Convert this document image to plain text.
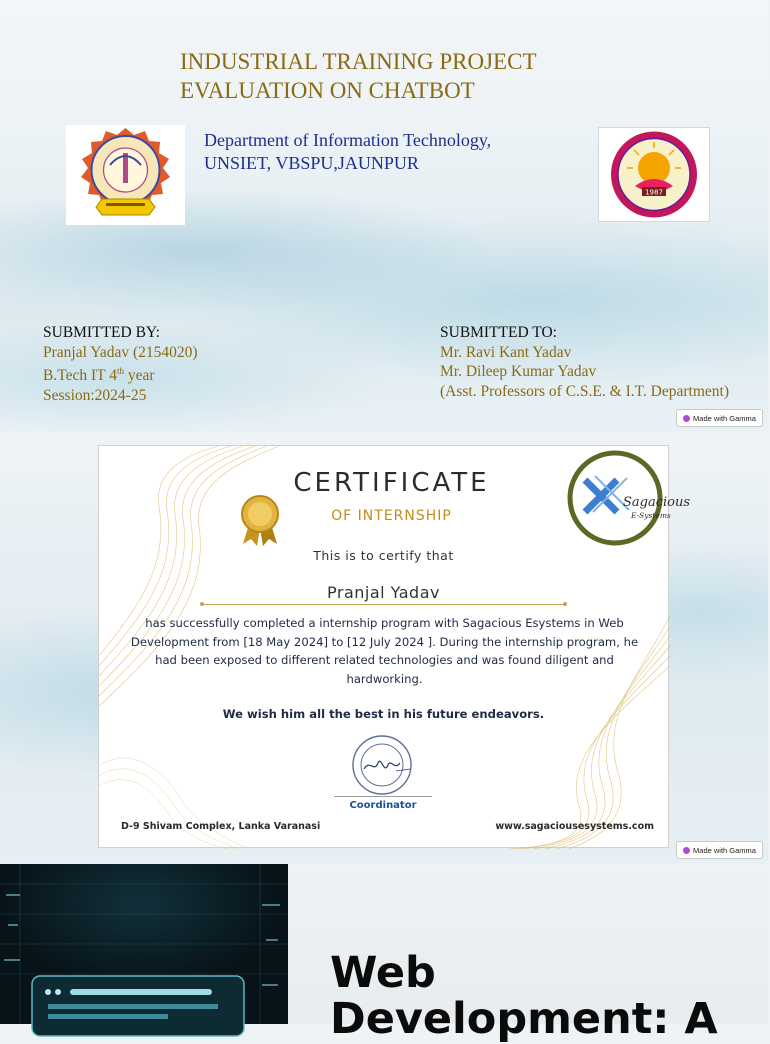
INDUSTRIAL TRAINING PROJECT
EVALUATION ON CHATBOT
Department of Information Technology,
UNSIET, VBSPU,JAUNPUR
1987
SUBMITTED BY:
Pranjal Yadav (2154020)
B.Tech IT 4th year
Session:2024-25
SUBMITTED TO:
Mr. Ravi Kant Yadav
Mr. Dileep Kumar Yadav
(Asst. Professors of C.S.E. & I.T. Department)
Made with Gamma
Sagacious
E-Systems
CERTIFICATE
OF INTERNSHIP
This is to certify that
Pranjal Yadav
has successfully completed a internship program with Sagacious Esystems in Web Development from [18 May 2024] to [12 July 2024 ]. During the internship program, he had been exposed to different related technologies and was found diligent and hardworking.
We wish him all the best in his future endeavors.
Coordinator
D-9 Shivam Complex, Lanka Varanasi	www.sagaciousesystems.com
Made with Gamma
Web
Development: A
